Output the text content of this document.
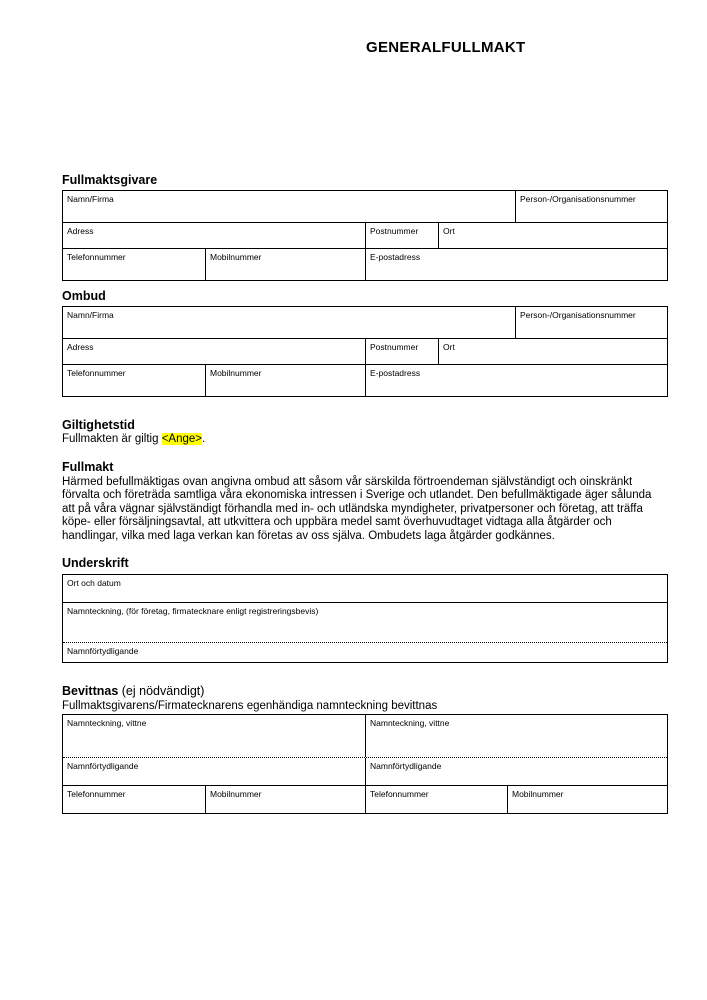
GENERALFULLMAKT
Fullmaktsgivare
Namn/Firma	Person-/Organisationsnummer
Adress	Postnummer	Ort
Telefonnummer	Mobilnummer	E-postadress
Ombud
Namn/Firma	Person-/Organisationsnummer
Adress	Postnummer	Ort
Telefonnummer	Mobilnummer	E-postadress
Giltighetstid
Fullmakten är giltig <Ange>.
Fullmakt
Härmed befullmäktigas ovan angivna ombud att såsom vår särskilda förtroendeman självständigt och oinskränkt förvalta och företräda samtliga våra ekonomiska intressen i Sverige och utlandet. Den befullmäktigade äger sålunda att på våra vägnar självständigt förhandla med in- och utländska myndigheter, privatpersoner och företag, att träffa köpe- eller försäljningsavtal, att utkvittera och uppbära medel samt överhuvudtaget vidtaga alla åtgärder och handlingar, vilka med laga verkan kan företas av oss själva. Ombudets laga åtgärder godkännes.
Underskrift
Ort och datum
Namnteckning, (för företag, firmatecknare enligt registreringsbevis)
Namnförtydligande
Bevittnas (ej nödvändigt)
Fullmaktsgivarens/Firmatecknarens egenhändiga namnteckning bevittnas
Namnteckning, vittne	Namnteckning, vittne
Namnförtydligande	Namnförtydligande
Telefonnummer	Mobilnummer	Telefonnummer	Mobilnummer
